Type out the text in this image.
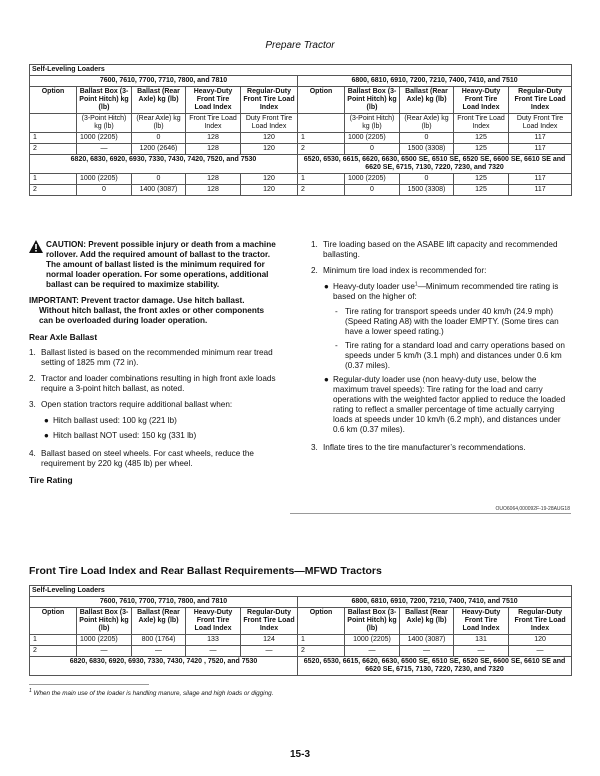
Prepare Tractor
Self-Leveling Loaders									
7600, 7610, 7700, 7710, 7800, and 7810					6800, 6810, 6910, 7200, 7210, 7400, 7410, and 7510				
Option	Ballast Box (3-Point Hitch) kg (lb)	Ballast (Rear Axle) kg (lb)	Heavy-Duty Front Tire Load Index	Regular-Duty Front Tire Load Index	Option	Ballast Box (3-Point Hitch) kg (lb)	Ballast (Rear Axle) kg (lb)	Heavy-Duty Front Tire Load Index	Regular-Duty Front Tire Load Index
	(3-Point Hitch) kg (lb)	(Rear Axle) kg (lb)	Front Tire Load Index	Duty Front Tire Load Index		(3-Point Hitch) kg (lb)	(Rear Axle) kg (lb)	Front Tire Load Index	Duty Front Tire Load Index
1	1000 (2205)	0	128	120	1	1000 (2205)	0	125	117
2	—	1200 (2646)	128	120	2	0	1500 (3308)	125	117
6820, 6830, 6920, 6930, 7330, 7430, 7420, 7520, and 7530					6520, 6530, 6615, 6620, 6630, 6500 SE, 6510 SE, 6520 SE, 6600 SE, 6610 SE and 6620 SE, 6715, 7130, 7220, 7230, and 7320				
1	1000 (2205)	0	128	120	1	1000 (2205)	0	125	117
2	0	1400 (3087)	128	120	2	0	1500 (3308)	125	117
CAUTION: Prevent possible injury or death from a machine rollover. Add the required amount of ballast to the tractor. The amount of ballast listed is the minimum required for normal loader operation. For some operations, additional ballast can be required to maximize stability.
IMPORTANT: Prevent tractor damage. Use hitch ballast. Without hitch ballast, the front axles or other components can be overloaded during loader operation.
Rear Axle Ballast
1. Ballast listed is based on the recommended minimum rear tread setting of 1825 mm (72 in).
2. Tractor and loader combinations resulting in high front axle loads require a 3-point hitch ballast, as noted.
3. Open station tractors require additional ballast when:
● Hitch ballast used: 100 kg (221 lb)
● Hitch ballast NOT used: 150 kg (331 lb)
4. Ballast based on steel wheels. For cast wheels, reduce the requirement by 220 kg (485 lb) per wheel.
Tire Rating
1. Tire loading based on the ASABE lift capacity and recommended ballasting.
2. Minimum tire load index is recommended for:
● Heavy-duty loader use$^1$—Minimum recommended tire rating is based on the higher of:
- Tire rating for transport speeds under 40 km/h (24.9 mph) (Speed Rating A8) with the loader EMPTY. (Some tires can have a lower speed rating.)
- Tire rating for a standard load and carry operations based on speeds under 5 km/h (3.1 mph) and distances under 0.6 km (0.37 miles).
● Regular-duty loader use (non heavy-duty use, below the maximum travel speeds): Tire rating for the load and carry operations with the weighted factor applied to reduce the loaded rating to reflect a smaller percentage of time actually carrying loads at speeds under 10 km/h (6.2 mph), and distances under 0.6 km (0.37 miles).
3. Inflate tires to the tire manufacturer’s recommendations.
OUO6064,000092F-19-28AUG18
Front Tire Load Index and Rear Ballast Requirements—MFWD Tractors
Self-Leveling Loaders									
7600, 7610, 7700, 7710, 7800, and 7810					6800, 6810, 6910, 7200, 7210, 7400, 7410, and 7510				
Option	Ballast Box (3-Point Hitch) kg (lb)	Ballast (Rear Axle) kg (lb)	Heavy-Duty Front Tire Load Index	Regular-Duty Front Tire Load Index	Option	Ballast Box (3-Point Hitch) kg (lb)	Ballast (Rear Axle) kg (lb)	Heavy-Duty Front Tire Load Index	Regular-Duty Front Tire Load Index
1	1000 (2205)	800 (1764)	133	124	1	1000 (2205)	1400 (3087)	131	120
2	—	—	—	—	2	—	—	—	—
6820, 6830, 6920, 6930, 7330, 7430, 7420 , 7520, and 7530					6520, 6530, 6615, 6620, 6630, 6500 SE, 6510 SE, 6520 SE, 6600 SE, 6610 SE and 6620 SE, 6715, 7130, 7220, 7230, and 7320				
$^1$ When the main use of the loader is handling manure, silage and high loads or digging.
15-3
